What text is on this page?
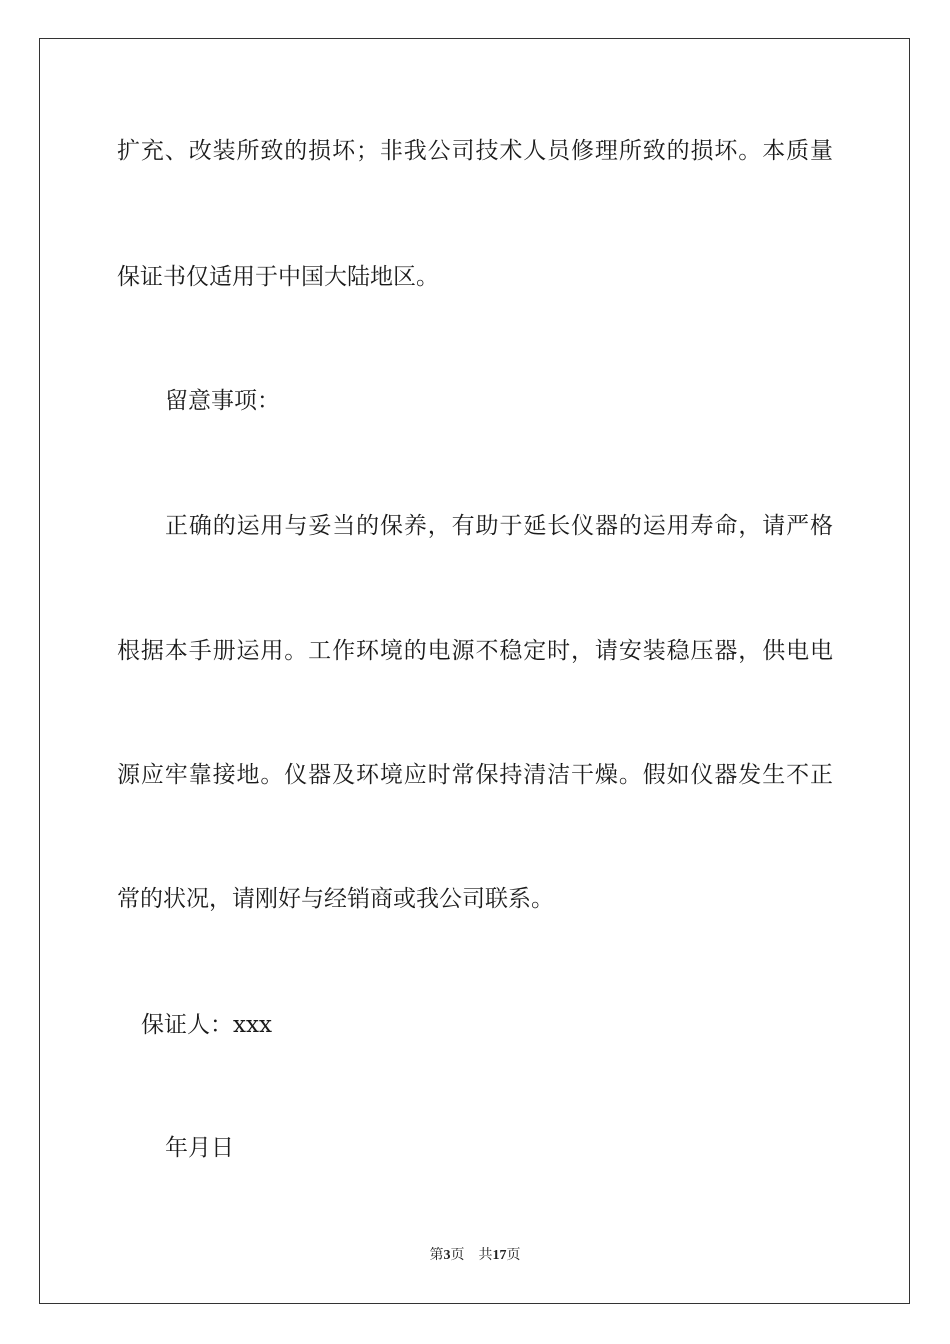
扩充、改装所致的损坏；非我公司技术人员修理所致的损坏。本质量
保证书仅适用于中国大陆地区。
留意事项：
正确的运用与妥当的保养，有助于延长仪器的运用寿命，请严格
根据本手册运用。工作环境的电源不稳定时，请安装稳压器，供电电
源应牢靠接地。仪器及环境应时常保持清洁干燥。假如仪器发生不正
常的状况，请刚好与经销商或我公司联系。
保证人：xxx
年月日
第3页 共17页
